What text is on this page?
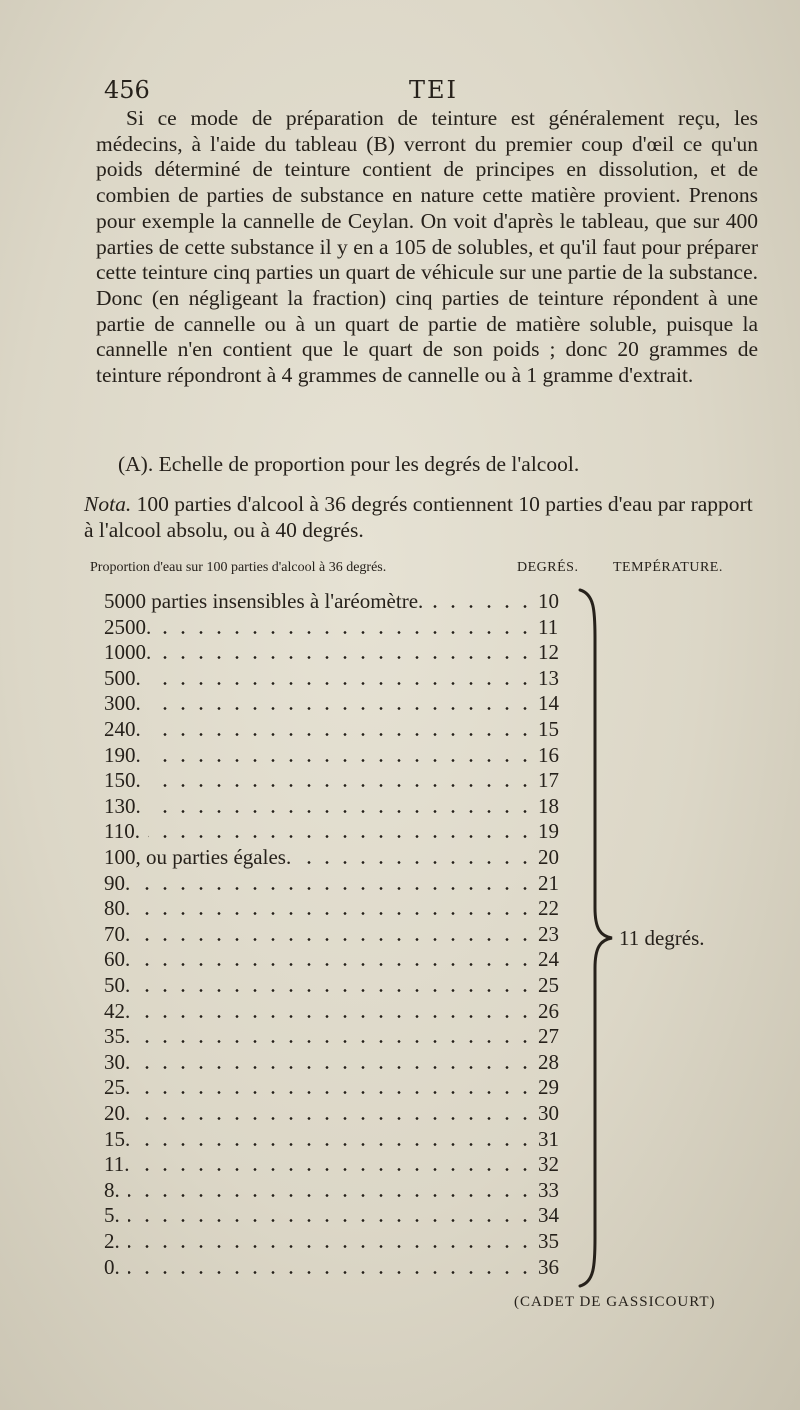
456	TEI

Si ce mode de préparation de teinture est généralement reçu, les médecins, à l'aide du tableau (B) verront du premier coup d'œil ce qu'un poids déterminé de teinture contient de principes en dissolution, et de combien de parties de substance en nature cette matière provient. Prenons pour exemple la cannelle de Ceylan. On voit d'après le tableau, que sur 400 parties de cette substance il y en a 105 de solubles, et qu'il faut pour préparer cette teinture cinq parties un quart de véhicule sur une partie de la substance. Donc (en négligeant la fraction) cinq parties de teinture répondent à une partie de cannelle ou à un quart de partie de matière soluble, puisque la cannelle n'en contient que le quart de son poids ; donc 20 grammes de teinture répondront à 4 grammes de cannelle ou à 1 gramme d'extrait.

(A). Echelle de proportion pour les degrés de l'alcool.

Nota. 100 parties d'alcool à 36 degrés contiennent 10 parties d'eau par rapport à l'alcool absolu, ou à 40 degrés.

Proportion d'eau sur 100 parties d'alcool à 36 degrés.	DEGRÉS. TEMPÉRATURE.
5000 parties insensibles à l'aréomètre.	10
2500.	11
1000.	12
500.	13
300.	14
240.	15
190.	16
150.	17
130.	18
110.	19
100, ou parties égales.	20
90.	21
80.	22
70.	23
60.	24
50.	25
42.	26
35.	27
30.	28
25.	29
20.	30
15.	31
11.	32
8.	33
5.	34
2.	35
0.	36
11 degrés.
(CADET DE GASSICOURT)
